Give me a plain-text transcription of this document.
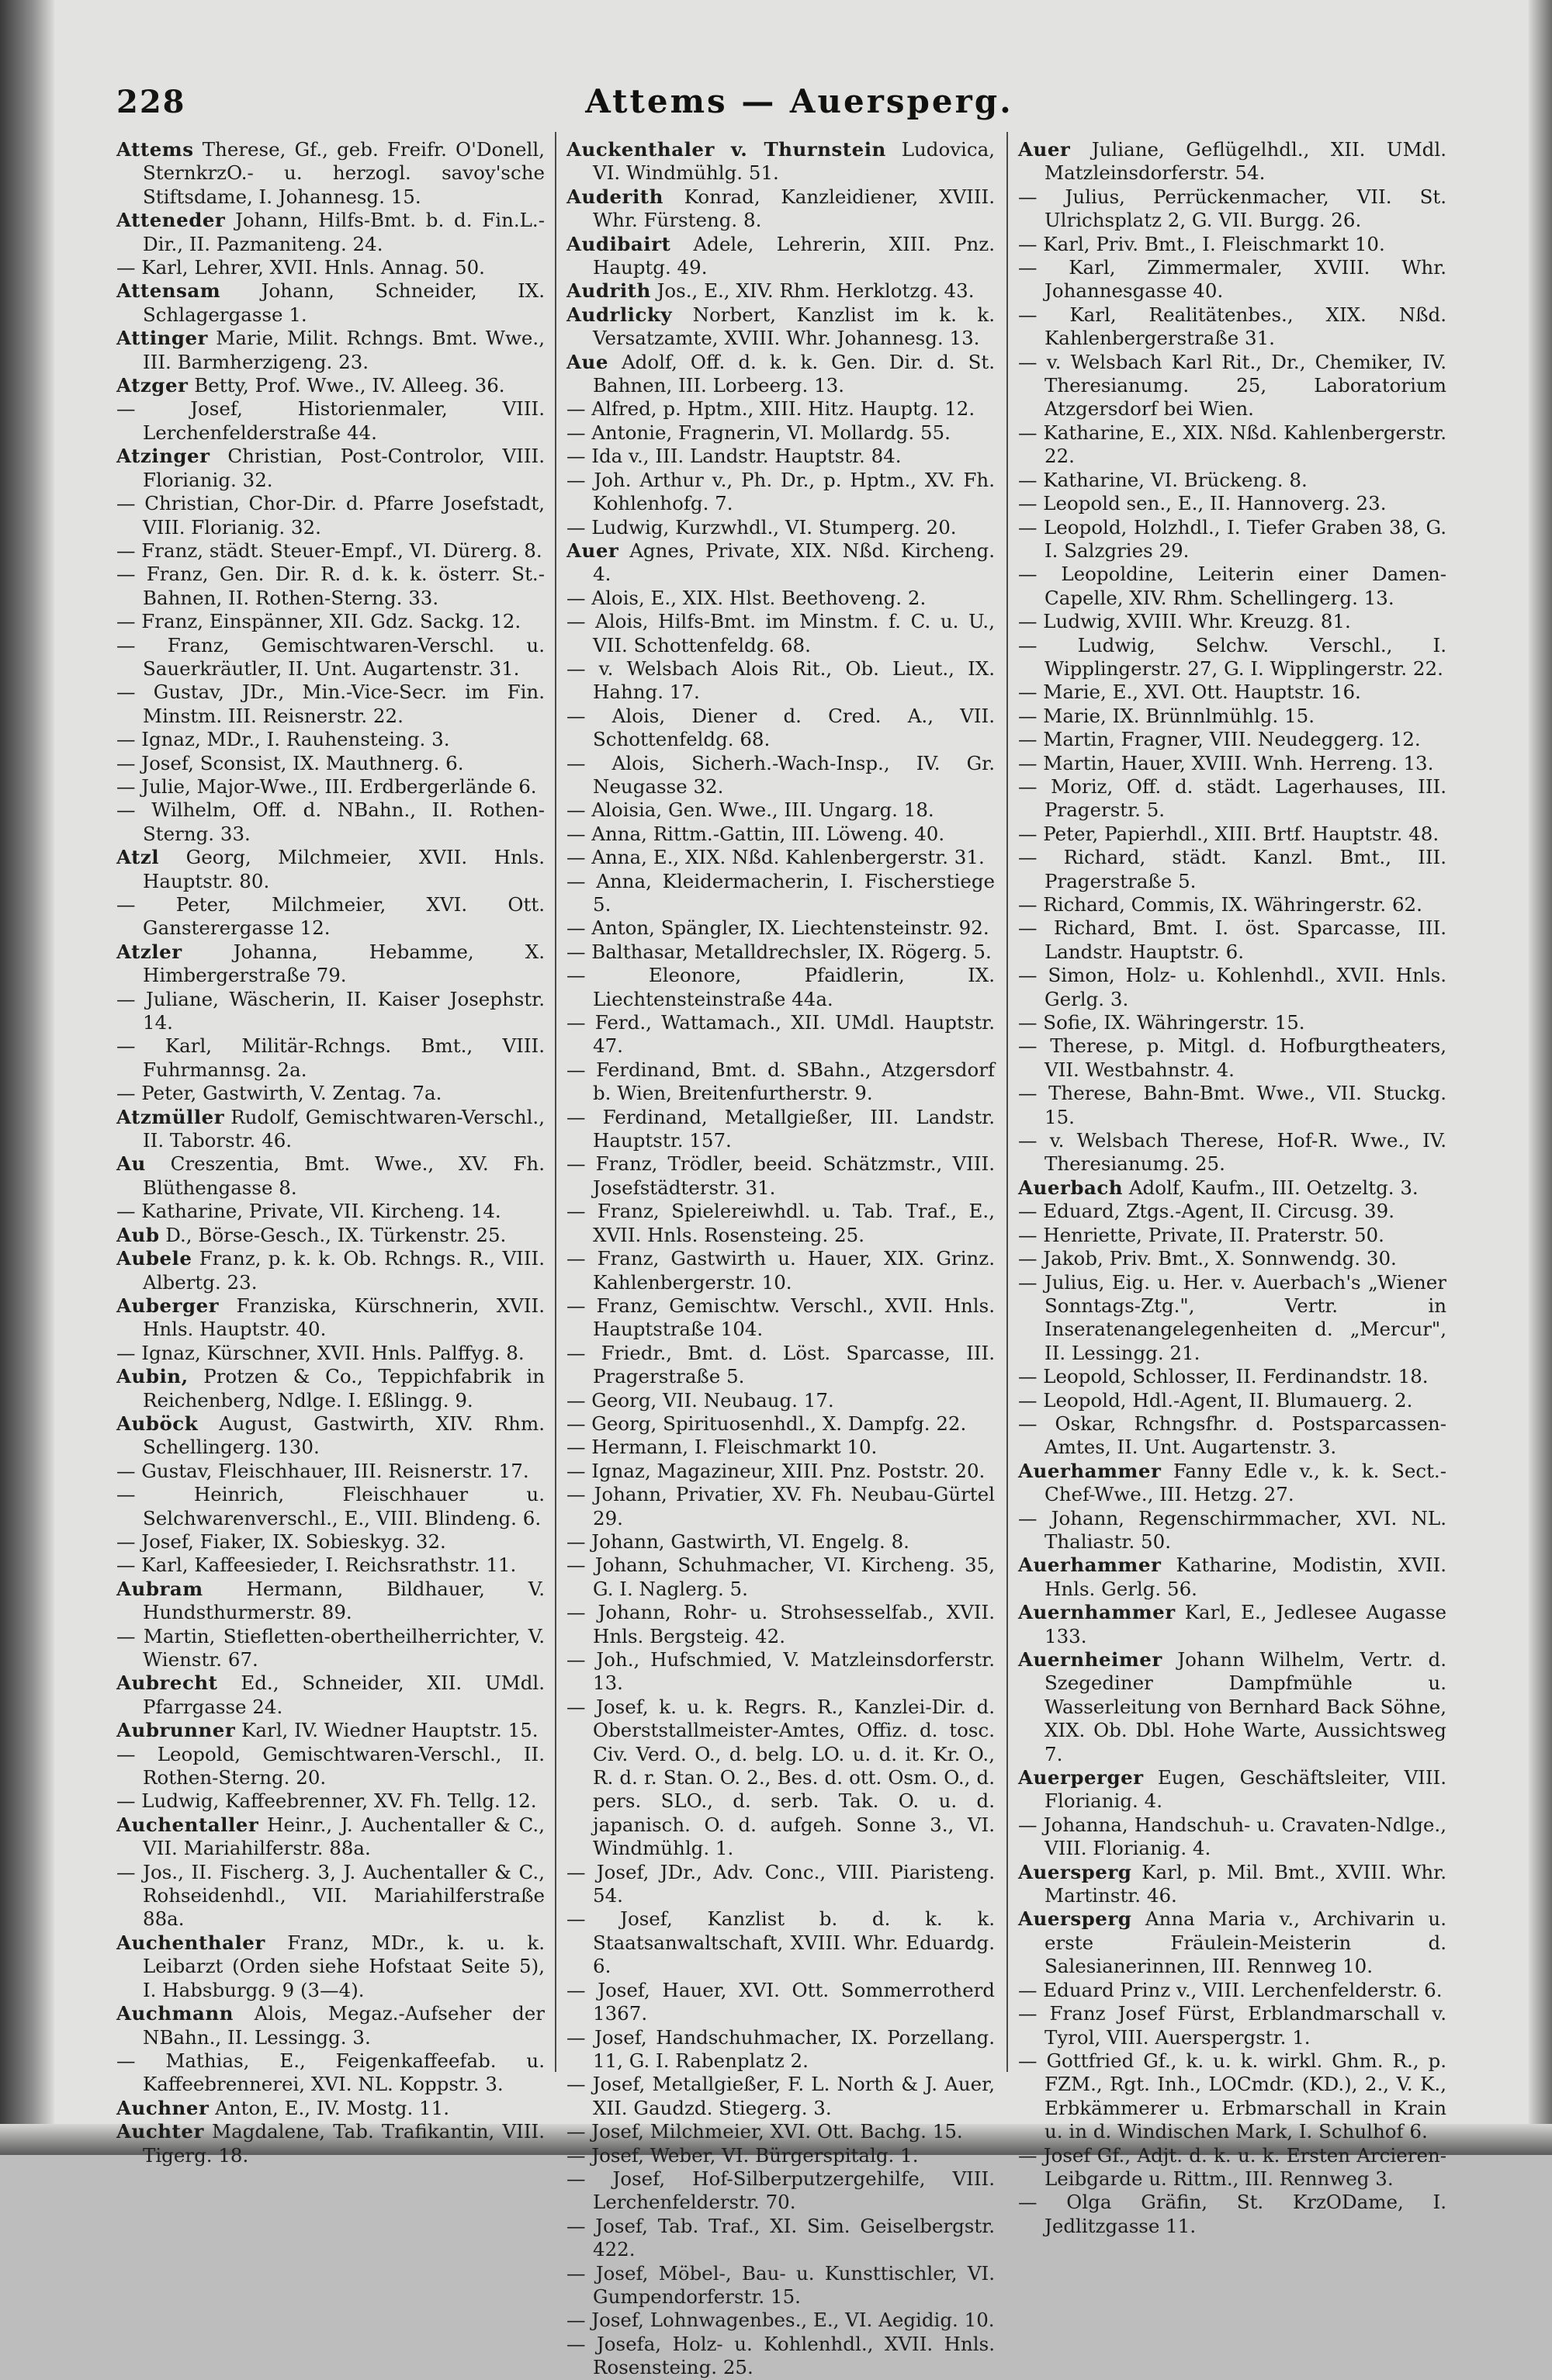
228	Attems — Auersperg.

Attems Therese, Gf., geb. Freifr. O'Donell, SternkrzO.- u. herzogl. savoy'sche Stiftsdame, I. Johannesg. 15.

Atteneder Johann, Hilfs-Bmt. b. d. Fin.L.-Dir., II. Pazmaniteng. 24.

— Karl, Lehrer, XVII. Hnls. Annag. 50.

Attensam Johann, Schneider, IX. Schlagergasse 1.

Attinger Marie, Milit. Rchngs. Bmt. Wwe., III. Barmherzigeng. 23.

Atzger Betty, Prof. Wwe., IV. Alleeg. 36.

— Josef, Historienmaler, VIII. Lerchenfelderstraße 44.

Atzinger Christian, Post-Controlor, VIII. Florianig. 32.

— Christian, Chor-Dir. d. Pfarre Josefstadt, VIII. Florianig. 32.

— Franz, städt. Steuer-Empf., VI. Dürerg. 8.

— Franz, Gen. Dir. R. d. k. k. österr. St.-Bahnen, II. Rothen-Sterng. 33.

— Franz, Einspänner, XII. Gdz. Sackg. 12.

— Franz, Gemischtwaren-Verschl. u. Sauerkräutler, II. Unt. Augartenstr. 31.

— Gustav, JDr., Min.-Vice-Secr. im Fin. Minstm. III. Reisnerstr. 22.

— Ignaz, MDr., I. Rauhensteing. 3.

— Josef, Sconsist, IX. Mauthnerg. 6.

— Julie, Major-Wwe., III. Erdbergerlände 6.

— Wilhelm, Off. d. NBahn., II. Rothen-Sterng. 33.

Atzl Georg, Milchmeier, XVII. Hnls. Hauptstr. 80.

— Peter, Milchmeier, XVI. Ott. Gansterergasse 12.

Atzler	Johanna, Hebamme, X. Himbergerstraße 79.

— Juliane, Wäscherin, II. Kaiser Josephstr. 14.

— Karl, Militär-Rchngs. Bmt., VIII. Fuhrmannsg. 2a.

— Peter, Gastwirth, V. Zentag. 7a.

Atzmüller Rudolf, Gemischtwaren-Verschl., II. Taborstr. 46.

Au Creszentia, Bmt. Wwe., XV. Fh. Blüthengasse 8.

— Katharine, Private, VII. Kircheng. 14.

Aub D., Börse-Gesch., IX. Türkenstr. 25.

Aubele Franz, p. k. k. Ob. Rchngs. R., VIII. Albertg. 23.

Auberger Franziska, Kürschnerin, XVII. Hnls. Hauptstr. 40.

— Ignaz, Kürschner, XVII. Hnls. Palffyg. 8.

Aubin, Protzen & Co., Teppichfabrik in Reichenberg, Ndlge. I. Eßlingg. 9.

Auböck August, Gastwirth, XIV. Rhm. Schellingerg. 130.

— Gustav, Fleischhauer, III. Reisnerstr. 17.

— Heinrich, Fleischhauer u. Selchwarenverschl., E., VIII. Blindeng. 6.

— Josef, Fiaker, IX. Sobieskyg. 32.

— Karl, Kaffeesieder, I. Reichsrathstr. 11.

Aubram Hermann, Bildhauer, V. Hundsthurmerstr. 89.

— Martin, Stiefletten-obertheilherrichter, V. Wienstr. 67.

Aubrecht Ed., Schneider, XII. UMdl. Pfarrgasse 24.

Aubrunner Karl, IV. Wiedner Hauptstr. 15.

— Leopold, Gemischtwaren-Verschl., II. Rothen-Sterng. 20.

— Ludwig, Kaffeebrenner, XV. Fh. Tellg. 12.

Auchentaller Heinr., J. Auchentaller & C., VII. Mariahilferstr. 88a.

— Jos., II. Fischerg. 3, J. Auchentaller & C., Rohseidenhdl., VII. Mariahilferstraße 88a.

Auchenthaler Franz, MDr., k. u. k. Leibarzt (Orden siehe Hofstaat Seite 5), I. Habsburgg. 9 (3—4).

Auchmann Alois, Megaz.-Aufseher der NBahn., II. Lessingg. 3.

— Mathias, E., Feigenkaffeefab. u. Kaffeebrennerei, XVI. NL. Koppstr. 3.

Auchner Anton, E., IV. Mostg. 11.

Auchter Magdalene, Tab. Trafikantin, VIII. Tigerg. 18.

Auckenthaler v. Thurnstein Ludovica, VI. Windmühlg. 51.

Auderith Konrad, Kanzleidiener, XVIII. Whr. Fürsteng. 8.

Audibairt Adele, Lehrerin, XIII. Pnz. Hauptg. 49.

Audrith Jos., E., XIV. Rhm. Herklotzg. 43.

Audrlicky Norbert, Kanzlist im k. k. Versatzamte, XVIII. Whr. Johannesg. 13.

Aue Adolf, Off. d. k. k. Gen. Dir. d. St. Bahnen, III. Lorbeerg. 13.

— Alfred, p. Hptm., XIII. Hitz. Hauptg. 12.

— Antonie, Fragnerin, VI. Mollardg. 55.

— Ida v., III. Landstr. Hauptstr. 84.

— Joh. Arthur v., Ph. Dr., p. Hptm., XV. Fh. Kohlenhofg. 7.

— Ludwig, Kurzwhdl., VI. Stumperg. 20.

Auer Agnes, Private, XIX. Nßd. Kircheng. 4.

— Alois, E., XIX. Hlst. Beethoveng. 2.

— Alois, Hilfs-Bmt. im Minstm. f. C. u. U., VII. Schottenfeldg. 68.

— v. Welsbach Alois Rit., Ob. Lieut., IX. Hahng. 17.

— Alois, Diener d. Cred. A., VII. Schottenfeldg. 68.

— Alois, Sicherh.-Wach-Insp., IV. Gr. Neugasse 32.

— Aloisia, Gen. Wwe., III. Ungarg. 18.

— Anna, Rittm.-Gattin, III. Löweng. 40.

— Anna, E., XIX. Nßd. Kahlenbergerstr. 31.

— Anna, Kleidermacherin, I. Fischerstiege 5.

— Anton, Spängler, IX. Liechtensteinstr. 92.

— Balthasar, Metalldrechsler, IX. Rögerg. 5.

— Eleonore, Pfaidlerin, IX. Liechtensteinstraße 44a.

— Ferd., Wattamach., XII. UMdl. Hauptstr. 47.

— Ferdinand, Bmt. d. SBahn., Atzgersdorf b. Wien, Breitenfurtherstr. 9.

— Ferdinand, Metallgießer, III. Landstr. Hauptstr. 157.

— Franz, Trödler, beeid. Schätzmstr., VIII. Josefstädterstr. 31.

— Franz, Spielereiwhdl. u. Tab. Traf., E., XVII. Hnls. Rosensteing. 25.

— Franz, Gastwirth u. Hauer, XIX. Grinz. Kahlenbergerstr. 10.

— Franz, Gemischtw. Verschl., XVII. Hnls. Hauptstraße 104.

— Friedr., Bmt. d. Löst. Sparcasse, III. Pragerstraße 5.

— Georg, VII. Neubaug. 17.

— Georg, Spirituosenhdl., X. Dampfg. 22.

— Hermann, I. Fleischmarkt 10.

— Ignaz, Magazineur, XIII. Pnz. Poststr. 20.

— Johann, Privatier, XV. Fh. Neubau-Gürtel 29.

— Johann, Gastwirth, VI. Engelg. 8.

— Johann, Schuhmacher, VI. Kircheng. 35, G. I. Naglerg. 5.

— Johann, Rohr- u. Strohsesselfab., XVII. Hnls. Bergsteig. 42.

— Joh., Hufschmied, V. Matzleinsdorferstr. 13.

— Josef, k. u. k. Regrs. R., Kanzlei-Dir. d. Oberststallmeister-Amtes, Offiz. d. tosc. Civ. Verd. O., d. belg. LO. u. d. it. Kr. O., R. d. r. Stan. O. 2., Bes. d. ott. Osm. O., d. pers. SLO., d. serb. Tak. O. u. d. japanisch. O. d. aufgeh. Sonne 3., VI. Windmühlg. 1.

— Josef, JDr., Adv. Conc., VIII. Piaristeng. 54.

— Josef, Kanzlist b. d. k. k. Staatsanwaltschaft, XVIII. Whr. Eduardg. 6.

— Josef, Hauer, XVI. Ott. Sommerrotherd 1367.

— Josef, Handschuhmacher, IX. Porzellang. 11, G. I. Rabenplatz 2.

— Josef, Metallgießer, F. L. North & J. Auer, XII. Gaudzd. Stiegerg. 3.

— Josef, Milchmeier, XVI. Ott. Bachg. 15.

— Josef, Weber, VI. Bürgerspitalg. 1.

— Josef, Hof-Silberputzergehilfe, VIII. Lerchenfelderstr. 70.

— Josef, Tab. Traf., XI. Sim. Geiselbergstr. 422.

— Josef, Möbel-, Bau- u. Kunsttischler, VI. Gumpendorferstr. 15.

— Josef, Lohnwagenbes., E., VI. Aegidig. 10.

— Josefa, Holz- u. Kohlenhdl., XVII. Hnls. Rosensteing. 25.

Auer Juliane, Geflügelhdl., XII. UMdl. Matzleinsdorferstr. 54.

— Julius, Perrückenmacher, VII. St. Ulrichsplatz 2, G. VII. Burgg. 26.

— Karl, Priv. Bmt., I. Fleischmarkt 10.

— Karl, Zimmermaler, XVIII. Whr. Johannesgasse 40.

— Karl, Realitätenbes., XIX. Nßd. Kahlenbergerstraße 31.

— v. Welsbach Karl Rit., Dr., Chemiker, IV. Theresianumg. 25, Laboratorium Atzgersdorf bei Wien.

— Katharine, E., XIX. Nßd. Kahlenbergerstr. 22.

— Katharine, VI. Brückeng. 8.

— Leopold sen., E., II. Hannoverg. 23.

— Leopold, Holzhdl., I. Tiefer Graben 38, G. I. Salzgries 29.

— Leopoldine, Leiterin einer Damen-Capelle, XIV. Rhm. Schellingerg. 13.

— Ludwig, XVIII. Whr. Kreuzg. 81.

— Ludwig, Selchw. Verschl., I. Wipplingerstr. 27, G. I. Wipplingerstr. 22.

— Marie, E., XVI. Ott. Hauptstr. 16.

— Marie, IX. Brünnlmühlg. 15.

— Martin, Fragner, VIII. Neudeggerg. 12.

— Martin, Hauer, XVIII. Wnh. Herreng. 13.

— Moriz, Off. d. städt. Lagerhauses, III. Pragerstr. 5.

— Peter, Papierhdl., XIII. Brtf. Hauptstr. 48.

— Richard, städt. Kanzl. Bmt., III. Pragerstraße 5.

— Richard, Commis, IX. Währingerstr. 62.

— Richard, Bmt. I. öst. Sparcasse, III. Landstr. Hauptstr. 6.

— Simon, Holz- u. Kohlenhdl., XVII. Hnls. Gerlg. 3.

— Sofie, IX. Währingerstr. 15.

— Therese, p. Mitgl. d. Hofburgtheaters, VII. Westbahnstr. 4.

— Therese, Bahn-Bmt. Wwe., VII. Stuckg. 15.

— v. Welsbach Therese, Hof-R. Wwe., IV. Theresianumg. 25.

Auerbach Adolf, Kaufm., III. Oetzeltg. 3.

— Eduard, Ztgs.-Agent, II. Circusg. 39.

— Henriette, Private, II. Praterstr. 50.

— Jakob, Priv. Bmt., X. Sonnwendg. 30.

— Julius, Eig. u. Her. v. Auerbach's „Wiener Sonntags-Ztg.", Vertr. in Inseratenangelegenheiten d. „Mercur", II. Lessingg. 21.

— Leopold, Schlosser, II. Ferdinandstr. 18.

— Leopold, Hdl.-Agent, II. Blumauerg. 2.

— Oskar, Rchngsfhr. d. Postsparcassen-Amtes, II. Unt. Augartenstr. 3.

Auerhammer Fanny Edle v., k. k. Sect.-Chef-Wwe., III. Hetzg. 27.

— Johann, Regenschirmmacher, XVI. NL. Thaliastr. 50.

Auerhammer Katharine, Modistin, XVII. Hnls. Gerlg. 56.

Auernhammer Karl, E., Jedlesee Augasse 133.

Auernheimer Johann Wilhelm, Vertr. d. Szegediner Dampfmühle u. Wasserleitung von Bernhard Back Söhne, XIX. Ob. Dbl. Hohe Warte, Aussichtsweg 7.

Auerperger Eugen, Geschäftsleiter, VIII. Florianig. 4.

— Johanna, Handschuh- u. Cravaten-Ndlge., VIII. Florianig. 4.

Auersperg Karl, p. Mil. Bmt., XVIII. Whr. Martinstr. 46.

Auersperg Anna Maria v., Archivarin u. erste Fräulein-Meisterin d. Salesianerinnen, III. Rennweg 10.

— Eduard Prinz v., VIII. Lerchenfelderstr. 6.

— Franz Josef Fürst, Erblandmarschall v. Tyrol, VIII. Auerspergstr. 1.

— Gottfried Gf., k. u. k. wirkl. Ghm. R., p. FZM., Rgt. Inh., LOCmdr. (KD.), 2., V. K., Erbkämmerer u. Erbmarschall in Krain u. in d. Windischen Mark, I. Schulhof 6.

— Josef Gf., Adjt. d. k. u. k. Ersten Arcieren-Leibgarde u. Rittm., III. Rennweg 3.

— Olga Gräfin, St. KrzODame, I. Jedlitzgasse 11.
